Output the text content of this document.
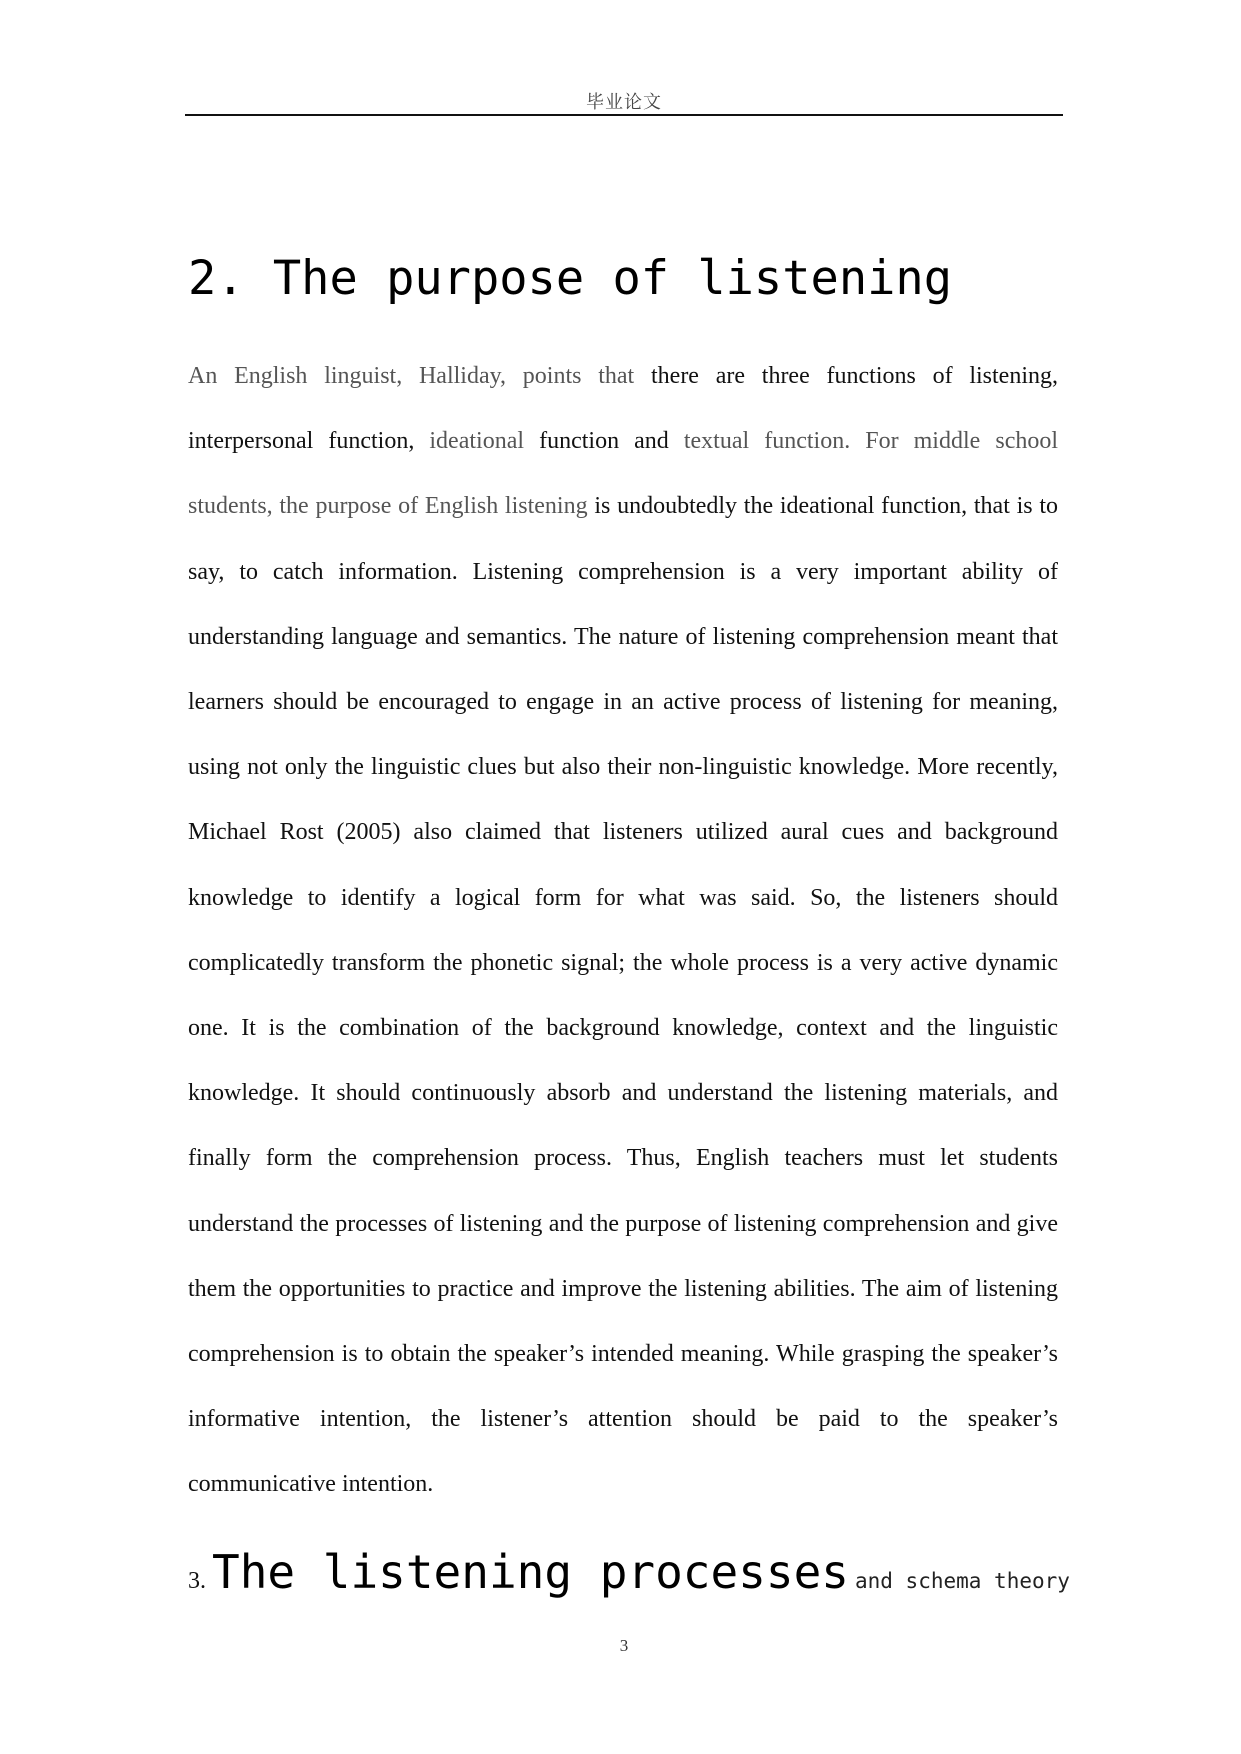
毕业论文
2. The purpose of listening

An English linguist, Halliday, points that there are three functions of listening, interpersonal function, ideational function and textual function. For middle school students, the purpose of English listening is undoubtedly the ideational function, that is to say, to catch information. Listening comprehension is a very important ability of understanding language and semantics. The nature of listening comprehension meant that learners should be encouraged to engage in an active process of listening for meaning, using not only the linguistic clues but also their non-linguistic knowledge. More recently, Michael Rost (2005) also claimed that listeners utilized aural cues and background knowledge to identify a logical form for what was said. So, the listeners should complicatedly transform the phonetic signal; the whole process is a very active dynamic one. It is the combination of the background knowledge, context and the linguistic knowledge. It should continuously absorb and understand the listening materials, and finally form the comprehension process. Thus, English teachers must let students understand the processes of listening and the purpose of listening comprehension and give them the opportunities to practice and improve the listening abilities. The aim of listening comprehension is to obtain the speaker’s intended meaning. While grasping the speaker’s informative intention, the listener’s attention should be paid to the speaker’s communicative intention.

3. The listening processes and schema theory
3
